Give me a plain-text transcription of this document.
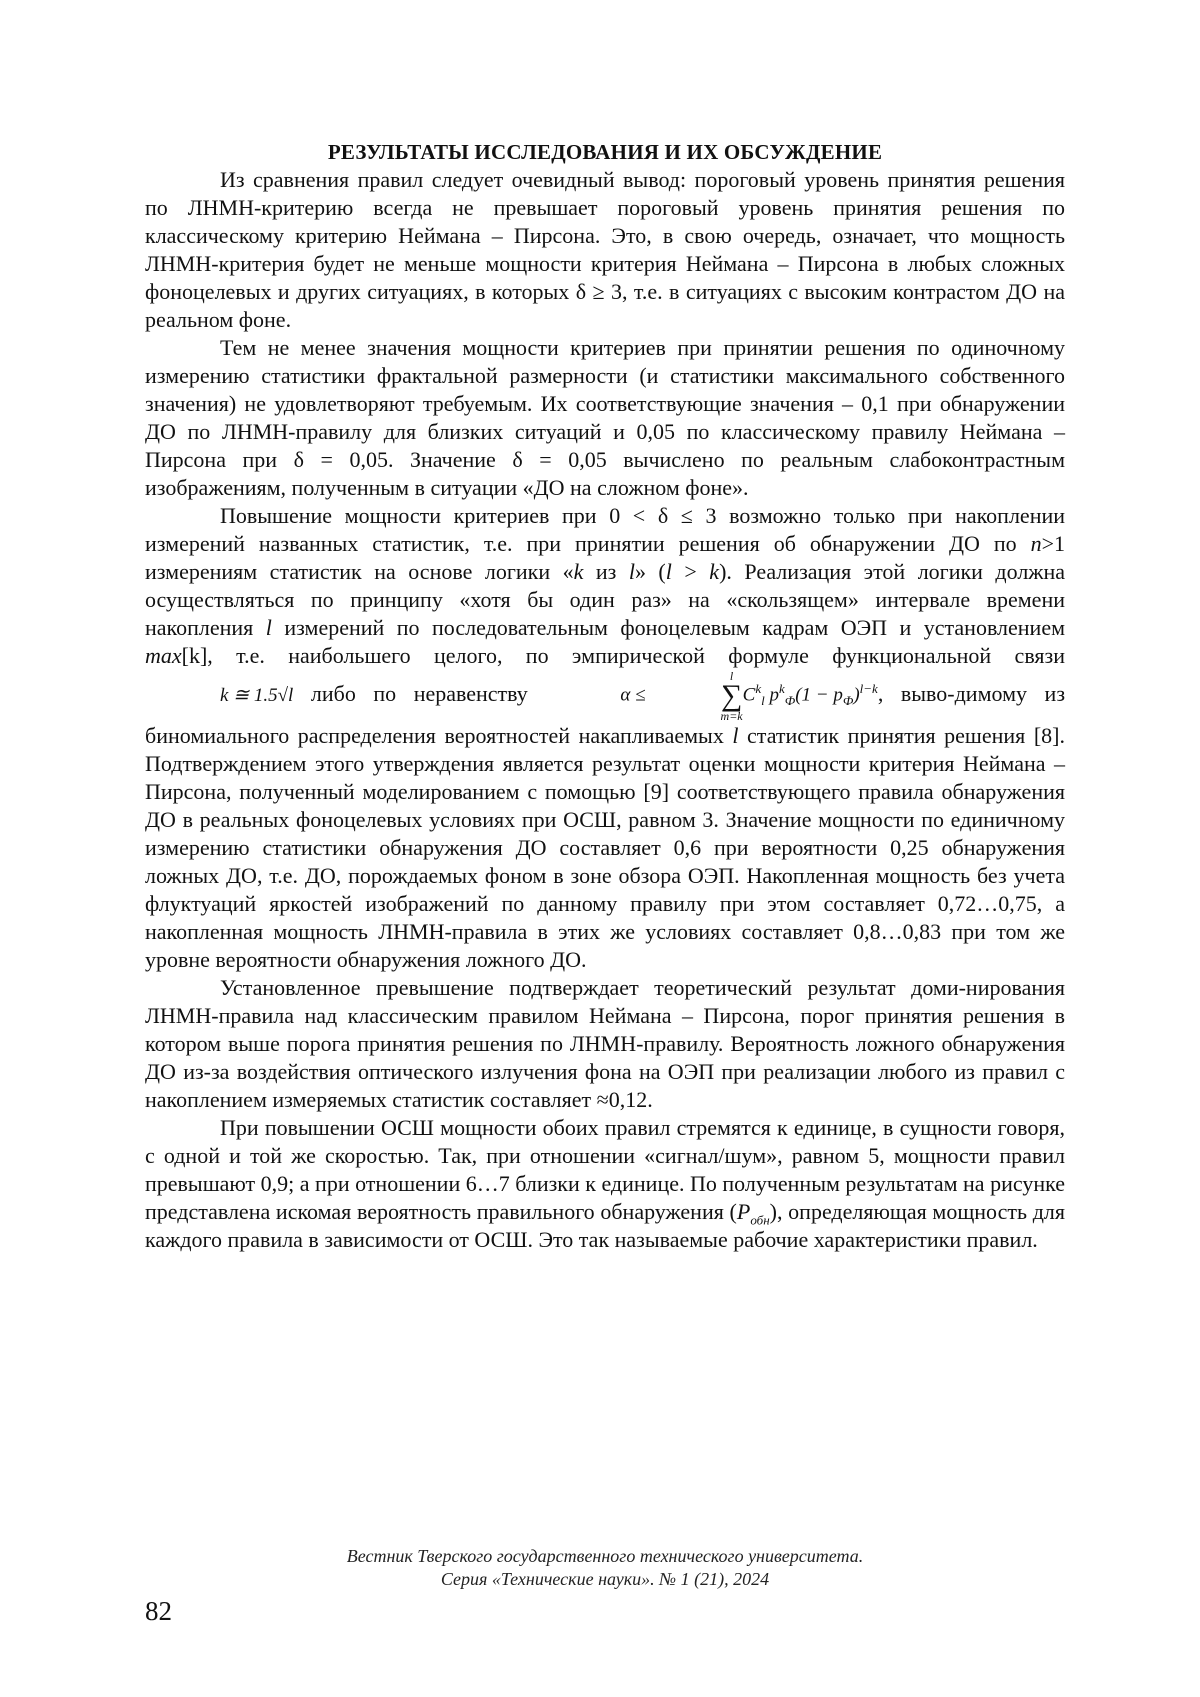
РЕЗУЛЬТАТЫ ИССЛЕДОВАНИЯ И ИХ ОБСУЖДЕНИЕ

Из сравнения правил следует очевидный вывод: пороговый уровень принятия решения по ЛНМН-критерию всегда не превышает пороговый уровень принятия решения по классическому критерию Неймана – Пирсона. Это, в свою очередь, означает, что мощность ЛНМН-критерия будет не меньше мощности критерия Неймана – Пирсона в любых сложных фоноцелевых и других ситуациях, в которых δ ≥ 3, т.е. в ситуациях с высоким контрастом ДО на реальном фоне.

Тем не менее значения мощности критериев при принятии решения по одиночному измерению статистики фрактальной размерности (и статистики максимального собственного значения) не удовлетворяют требуемым. Их соответствующие значения – 0,1 при обнаружении ДО по ЛНМН-правилу для близких ситуаций и 0,05 по классическому правилу Неймана – Пирсона при δ = 0,05. Значение δ = 0,05 вычислено по реальным слабоконтрастным изображениям, полученным в ситуации «ДО на сложном фоне».

Повышение мощности критериев при 0 < δ ≤ 3 возможно только при накоплении измерений названных статистик, т.е. при принятии решения об обнаружении ДО по n>1 измерениям статистик на основе логики «k из l» (l > k). Реализация этой логики должна осуществляться по принципу «хотя бы один раз» на «скользящем» интервале времени накопления l измерений по последовательным фоноцелевым кадрам ОЭП и установлением max[k], т.е. наибольшего целого, по эмпирической формуле функциональной связи k ≅ 1.5√l либо по неравенству	α ≤
l
∑
m=k
Ckl pkФ(1 − pФ)l−k, выво-димому из биномиального распределения вероятностей накапливаемых l статистик принятия решения [8]. Подтверждением этого утверждения является результат оценки мощности критерия Неймана – Пирсона, полученный моделированием с помощью [9] соответствующего правила обнаружения ДО в реальных фоноцелевых условиях при ОСШ, равном 3. Значение мощности по единичному измерению статистики обнаружения ДО составляет 0,6 при вероятности 0,25 обнаружения ложных ДО, т.е. ДО, порождаемых фоном в зоне обзора ОЭП. Накопленная мощность без учета флуктуаций яркостей изображений по данному правилу при этом составляет 0,72…0,75, а накопленная мощность ЛНМН-правила в этих же условиях составляет 0,8…0,83 при том же уровне вероятности обнаружения ложного ДО.

Установленное превышение подтверждает теоретический результат доми-нирования ЛНМН-правила над классическим правилом Неймана – Пирсона, порог принятия решения в котором выше порога принятия решения по ЛНМН-правилу. Вероятность ложного обнаружения ДО из-за воздействия оптического излучения фона на ОЭП при реализации любого из правил с накоплением измеряемых статистик составляет ≈0,12.

При повышении ОСШ мощности обоих правил стремятся к единице, в сущности говоря, с одной и той же скоростью. Так, при отношении «сигнал/шум», равном 5, мощности правил превышают 0,9; а при отношении 6…7 близки к единице. По полученным результатам на рисунке представлена искомая вероятность правильного обнаружения (Pобн), определяющая мощность для каждого правила в зависимости от ОСШ. Это так называемые рабочие характеристики правил.

Вестник Тверского государственного технического университета.
Серия «Технические науки». № 1 (21), 2024
82
